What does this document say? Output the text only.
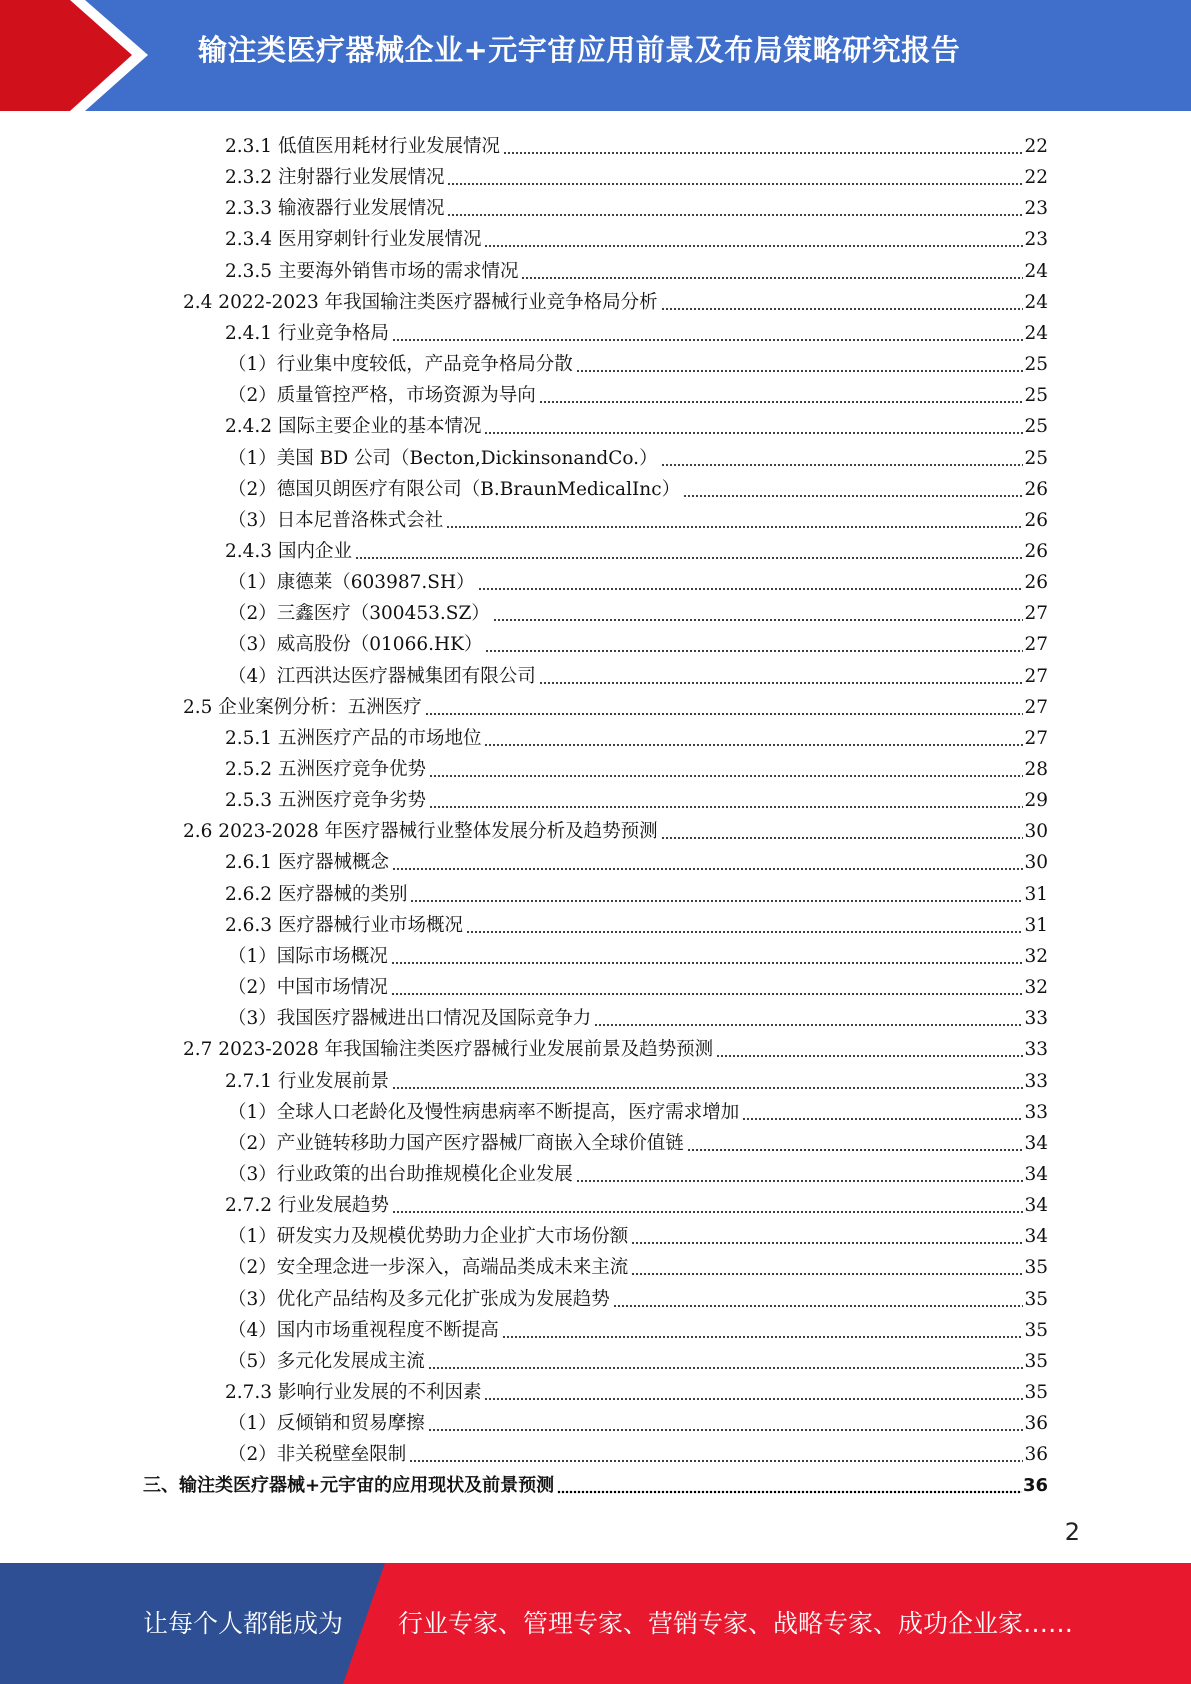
输注类医疗器械企业+元宇宙应用前景及布局策略研究报告
2.3.1 低值医用耗材行业发展情况	22
2.3.2 注射器行业发展情况	22
2.3.3 输液器行业发展情况	23
2.3.4 医用穿刺针行业发展情况	23
2.3.5 主要海外销售市场的需求情况	24
2.4 2022-2023 年我国输注类医疗器械行业竞争格局分析	24
2.4.1 行业竞争格局	24
（1）行业集中度较低，产品竞争格局分散	25
（2）质量管控严格，市场资源为导向	25
2.4.2 国际主要企业的基本情况	25
（1）美国 BD 公司（Becton,DickinsonandCo.）	25
（2）德国贝朗医疗有限公司（B.BraunMedicalInc）	26
（3）日本尼普洛株式会社	26
2.4.3 国内企业	26
（1）康德莱（603987.SH）	26
（2）三鑫医疗（300453.SZ）	27
（3）威高股份（01066.HK）	27
（4）江西洪达医疗器械集团有限公司	27
2.5 企业案例分析：五洲医疗	27
2.5.1 五洲医疗产品的市场地位	27
2.5.2 五洲医疗竞争优势	28
2.5.3 五洲医疗竞争劣势	29
2.6 2023-2028 年医疗器械行业整体发展分析及趋势预测	30
2.6.1 医疗器械概念	30
2.6.2 医疗器械的类别	31
2.6.3 医疗器械行业市场概况	31
（1）国际市场概况	32
（2）中国市场情况	32
（3）我国医疗器械进出口情况及国际竞争力	33
2.7 2023-2028 年我国输注类医疗器械行业发展前景及趋势预测	33
2.7.1 行业发展前景	33
（1）全球人口老龄化及慢性病患病率不断提高，医疗需求增加	33
（2）产业链转移助力国产医疗器械厂商嵌入全球价值链	34
（3）行业政策的出台助推规模化企业发展	34
2.7.2 行业发展趋势	34
（1）研发实力及规模优势助力企业扩大市场份额	34
（2）安全理念进一步深入，高端品类成未来主流	35
（3）优化产品结构及多元化扩张成为发展趋势	35
（4）国内市场重视程度不断提高	35
（5）多元化发展成主流	35
2.7.3 影响行业发展的不利因素	35
（1）反倾销和贸易摩擦	36
（2）非关税壁垒限制	36
三、输注类医疗器械+元宇宙的应用现状及前景预测	36
2
让每个人都能成为 行业专家、管理专家、营销专家、战略专家、成功企业家……
